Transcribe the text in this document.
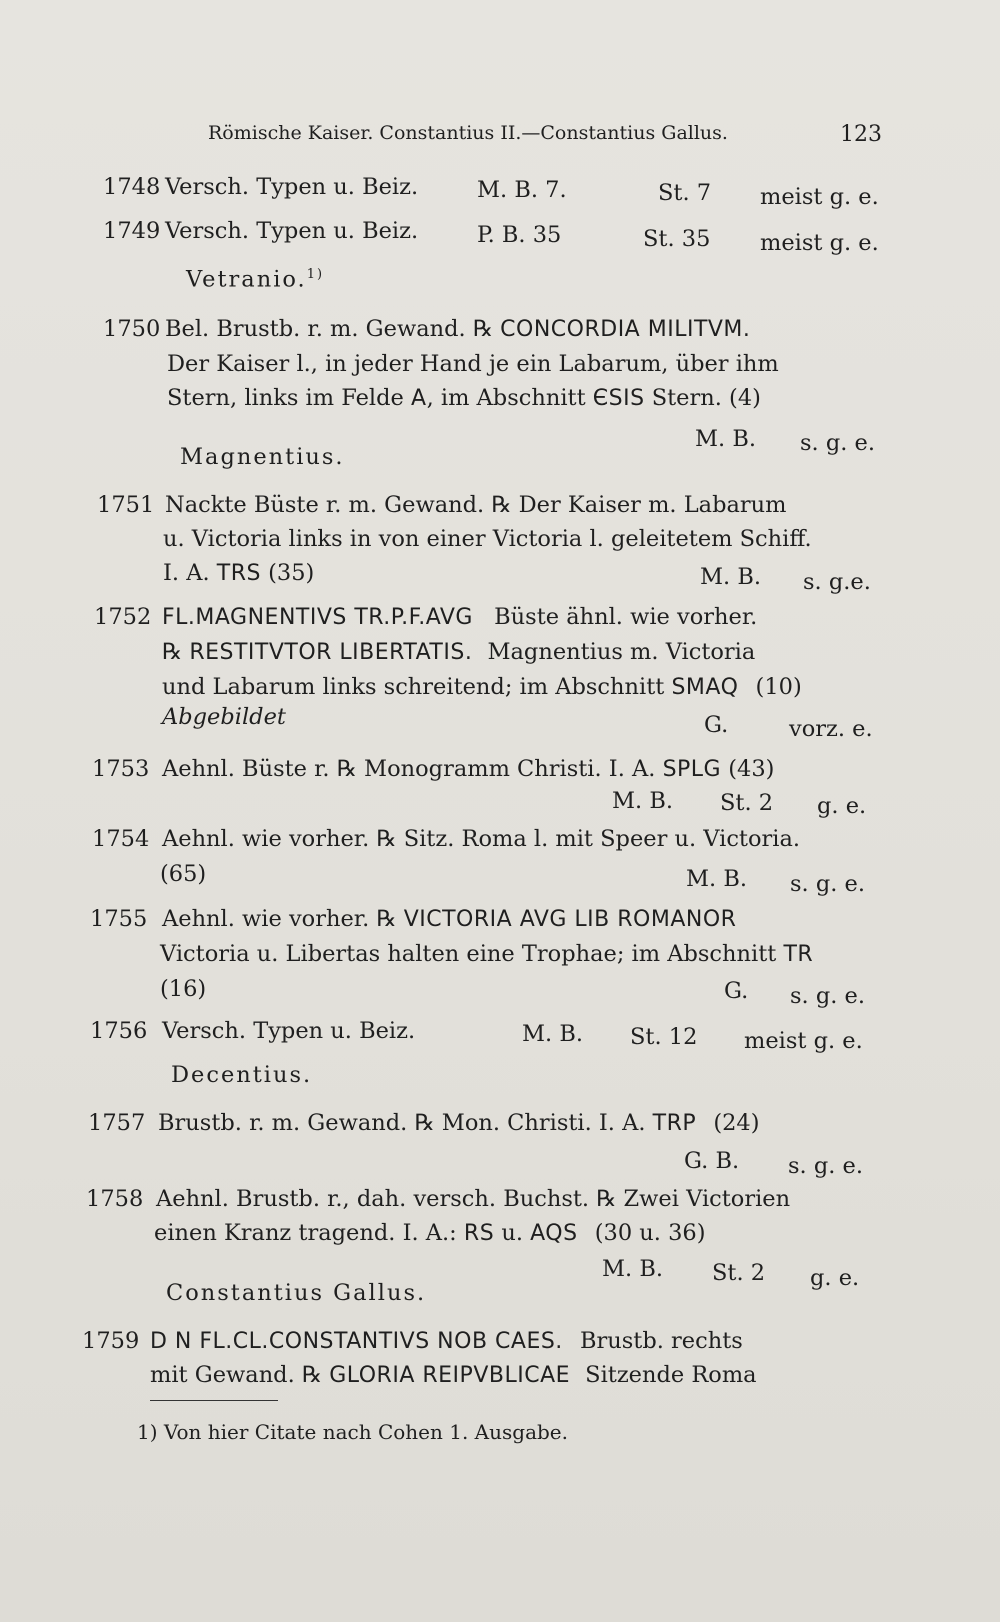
Römische Kaiser. Constantius II.—Constantius Gallus.	123
1748 Versch. Typen u. Beiz.	M. B. 7.	St. 7 meist g. e.
1749 Versch. Typen u. Beiz.	P. B. 35	St. 35 meist g. e.
Vetranio.$^{1)}$
1750 Bel. Brustb. r. m. Gewand. ℞ CONCORDIA MILITVM.
Der Kaiser l., in jeder Hand je ein Labarum, über ihm
Stern, links im Felde A, im Abschnitt ЄSIS Stern. (4)
M. B. s. g. e.
Magnentius.
1751 Nackte Büste r. m. Gewand. ℞ Der Kaiser m. Labarum
u. Victoria links in von einer Victoria l. geleitetem Schiff.
I. A. TRS (35)	M. B. s. g.e.
1752 FL.MAGNENTIVS TR.P.F.AVG Büste ähnl. wie vorher.
℞ RESTITVTOR LIBERTATIS. Magnentius m. Victoria
und Labarum links schreitend; im Abschnitt SMAQ (10)
Abgebildet	G.	vorz. e.
1753 Aehnl. Büste r. ℞ Monogramm Christi. I. A. SPLG (43)
M. B. St. 2 g. e.
1754 Aehnl. wie vorher. ℞ Sitz. Roma l. mit Speer u. Victoria.
(65)	M. B. s. g. e.
1755 Aehnl. wie vorher. ℞ VICTORIA AVG LIB ROMANOR
Victoria u. Libertas halten eine Trophae; im Abschnitt TR
(16)	G. s. g. e.
1756 Versch. Typen u. Beiz.	M. B. St. 12 meist g. e.
Decentius.
1757 Brustb. r. m. Gewand. ℞ Mon. Christi. I. A. TRP (24)
G. B. s. g. e.
1758 Aehnl. Brustb. r., dah. versch. Buchst. ℞ Zwei Victorien
einen Kranz tragend. I. A.: RS u. AQS (30 u. 36)
M. B. St. 2 g. e.
Constantius Gallus.
1759 D N FL.CL.CONSTANTIVS NOB CAES. Brustb. rechts
mit Gewand. ℞ GLORIA REIPVBLICAE Sitzende Roma
1) Von hier Citate nach Cohen 1. Ausgabe.
